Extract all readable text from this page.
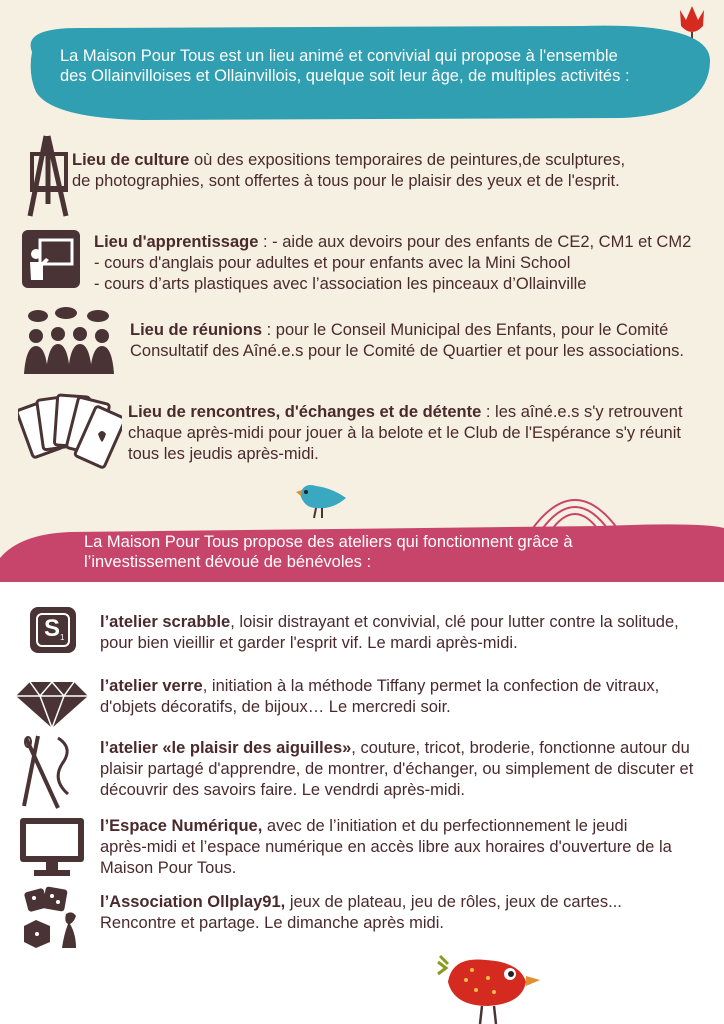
La Maison Pour Tous est un lieu animé et convivial qui propose à l'ensemble

des Ollainvilloises et Ollainvillois, quelque soit leur âge, de multiples activités :

Lieu de culture où des expositions temporaires de peintures,de sculptures,

de photographies, sont offertes à tous pour le plaisir des yeux et de l'esprit.

Lieu d'apprentissage : - aide aux devoirs pour des enfants de CE2, CM1 et CM2

- cours d'anglais pour adultes et pour enfants avec la Mini School

- cours d’arts plastiques avec l’association les pinceaux d’Ollainville

Lieu de réunions : pour le Conseil Municipal des Enfants, pour le Comité

Consultatif des Aîné.e.s pour le Comité de Quartier et pour les associations.

Lieu de rencontres, d'échanges et de détente : les aîné.e.s s'y retrouvent

chaque après-midi pour jouer à la belote et le Club de l'Espérance s'y réunit

tous les jeudis après-midi.

La Maison Pour Tous propose des ateliers qui fonctionnent grâce à

l’investissement dévoué de bénévoles :

S 1

l’atelier scrabble, loisir distrayant et convivial, clé pour lutter contre la solitude,

pour bien vieillir et garder l'esprit vif. Le mardi après-midi.

l’atelier verre, initiation à la méthode Tiffany permet la confection de vitraux,

d'objets décoratifs, de bijoux… Le mercredi soir.

l’atelier «le plaisir des aiguilles», couture, tricot, broderie, fonctionne autour du

plaisir partagé d'apprendre, de montrer, d'échanger, ou simplement de discuter et

découvrir des savoirs faire. Le vendrdi après-midi.

l’Espace Numérique, avec de l’initiation et du perfectionnement le jeudi

après-midi et l’espace numérique en accès libre aux horaires d'ouverture de la

Maison Pour Tous.

l’Association Ollplay91, jeux de plateau, jeu de rôles, jeux de cartes...

Rencontre et partage. Le dimanche après midi.
